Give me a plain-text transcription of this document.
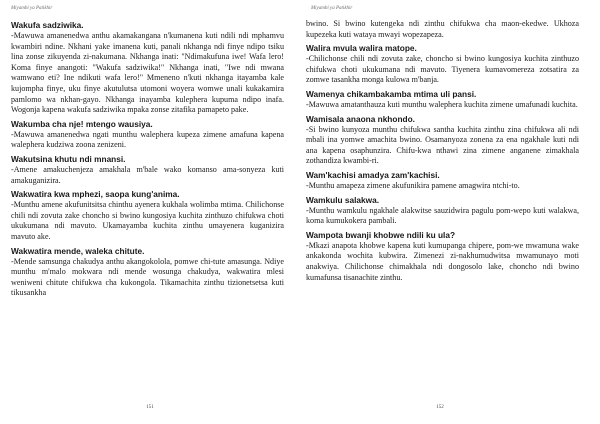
Miyambi ya Patikhir

Wakufa sadziwika.

-Mawuwa amanenedwa anthu akamakangana n'kumanena kuti ndili ndi mphamvu kwambiri ndine. Nkhani yake imanena kuti, panali nkhanga ndi finye ndipo tsiku lina zonse zikuyenda zi-nakumana. Nkhanga inati: "Ndimakufuna iwe! Wafa lero! Koma finye anangoti: "Wakufa sadziwika!" Nkhanga inati, "Iwe ndi mwana wamwano eti? Ine ndikuti wafa lero!" Mmeneno n'kuti nkhanga itayamba kale kujompha finye, uku finye akutulutsa utomoni woyera womwe unali kukakamira pamlomo wa nkhan-gayo. Nkhanga inayamba kulephera kupuma ndipo inafa. Wogonja kapena wakufa sadziwika mpaka zonse zitafika pamapeto pake.

Wakumba cha nje! mtengo wausiya.

-Mawuwa amanenedwa ngati munthu walephera kupeza zimene amafuna kapena walephera kudziwa zoona zenizeni.

Wakutsina khutu ndi mnansi.

-Amene amakuchenjeza amakhala m'bale wako komanso ama-sonyeza kuti amakuganizira.

Wakwatira kwa mphezi, saopa kung'anima.

-Munthu amene akufunitsitsa chinthu ayenera kukhala wolimba mtima. Chilichonse chili ndi zovuta zake choncho si bwino kungosiya kuchita zinthuzo chifukwa choti ukukumana ndi mavuto. Ukamayamba kuchita zinthu umayenera kuganizira mavuto ake.

Wakwatira mende, waleka chitute.

-Mende samsunga chakudya anthu akangokolola, pomwe chi-tute amasunga. Ndiye munthu m'malo mokwara ndi mende wosunga chakudya, wakwatira mlesi weniweni chitute chifukwa cha kukongola. Tikamachita zinthu tizionetsetsa kuti tikusankha

151
Miyambi ya Patikhir

bwino. Si bwino kutengeka ndi zinthu chifukwa cha maon-ekedwe. Ukhoza kupezeka kuti wataya mwayi wopezapeza.

Walira mvula walira matope.

-Chilichonse chili ndi zovuta zake, choncho si bwino kungosiya kuchita zinthuzo chifukwa choti ukukumana ndi mavuto. Tiyenera kumavomereza zotsatira za zomwe tasankha monga kulowa m'banja.

Wamenya chikambakamba mtima uli pansi.

-Mawuwa amatanthauza kuti munthu walephera kuchita zimene umafunadi kuchita.

Wamisala anaona nkhondo.

-Si bwino kunyoza munthu chifukwa santha kuchita zinthu zina chifukwa ali ndi mbali ina yomwe amachita bwino. Osamanyoza zonena za ena ngakhale kuti ndi ana kapena osaphunzira. Chifu-kwa nthawi zina zimene anganene zimakhala zothandiza kwambi-ri.

Wam'kachisi amadya zam'kachisi.

-Munthu amapeza zimene akufunikira pamene amagwira ntchi-to.

Wamkulu salakwa.

-Munthu wamkulu ngakhale alakwitse sauzidwira pagulu pom-wepo kuti walakwa, koma kumukokera pambali.

Wampota bwanji khobwe ndili ku ula?

-Mkazi anapota khobwe kapena kuti kumupanga chipere, pom-we mwamuna wake ankakonda wochita kubwira. Zimenezi zi-nakhumudwitsa mwamunayo moti anakwiya. Chilichonse chimakhala ndi dongosolo lake, choncho ndi bwino kumafunsa tisanachite zinthu.

152
